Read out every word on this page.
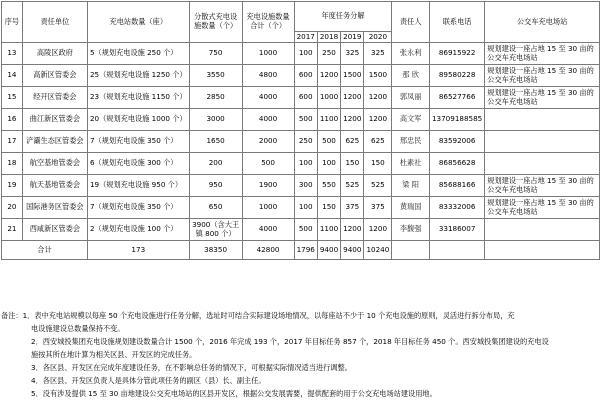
序号	责任单位	充电站数量（座）	分散式充电设施数量（个）	充电设施数量合计（个）	年度任务分解				责任人	联系电话	公交车充电场站
					2017	2018	2019	2020			
13	高陵区政府	5（规划充电设施 250 个）	750	1000	100	250	325	325	张永利	86915922	规划建设一座占地 15 至 30 亩的公交车充电场站
14	高新区管委会	25（规划充电设施 1250 个）	3550	4800	600	1200	1500	1500	那 欣	89580228	规划建设一座占地 15 至 30 亩的公交车充电场站
15	经开区管委会	23（规划充电设施 1150 个）	2850	4000	600	1000	1200	1200	郭凤丽	86527766	规划建设一座占地 15 至 30 亩的公交车充电场站
16	曲江新区管委会	20（规划充电设施 1000 个）	3000	4000	500	1100	1200	1200	高文军	13709188585	
17	浐灞生态区管委会	7（规划充电设施 350 个）	1650	2000	250	500	625	625	邢忠民	83592006	
18	航空基地管委会	6（规划充电设施 300 个）	200	500	100	100	150	150	杜素社	86856628	
19	航天基地管委会	19（规划充电设施 950 个）	950	1900	300	550	525	525	梁 阳	85688166	规划建设一座占地 15 至 30 亩的公交车充电场站
20	国际港务区管委会	7（规划充电设施 350 个）	650	1000	100	150	375	375	黄瑞国	83332006	规划建设一座占地 15 至 30 亩的公交车充电场站
21	西咸新区管委会	2（规划充电设施 100 个）	3900（含大王镇 800 个）	4000	500	1100	1200	1200	李馥强	33186007	
合计		173	38350	42800	1796	9400	9400	10240			
备注：1．表中充电站规模以每座 50 个充电设施进行任务分解，选址时可结合实际建设场地情况，以每座站不少于 10 个充电设施的原则，灵活进行拆分布局，充
电设施建设总数量保持不变。
2．西安城投集团充电设施规划建设数量合计 1500 个，2016 年完成 193 个，2017 年目标任务 857 个，2018 年目标任务 450 个。西安城投集团建设的充电设
施按其所在地计算为相关区县、开发区的完成任务。
3．各区县、开发区在完成年度建设任务，在不影响总任务的情况下，可根据实际情况适当进行调整。
4．各区县、开发区负责人是具体分管此项任务的副区（县）长、副主任。
5．没有涉及提供 15 至 30 亩地建设公交充电场站的区县开发区，根据公交发展需要，提供配套的用于公交充电场站建设用地。
